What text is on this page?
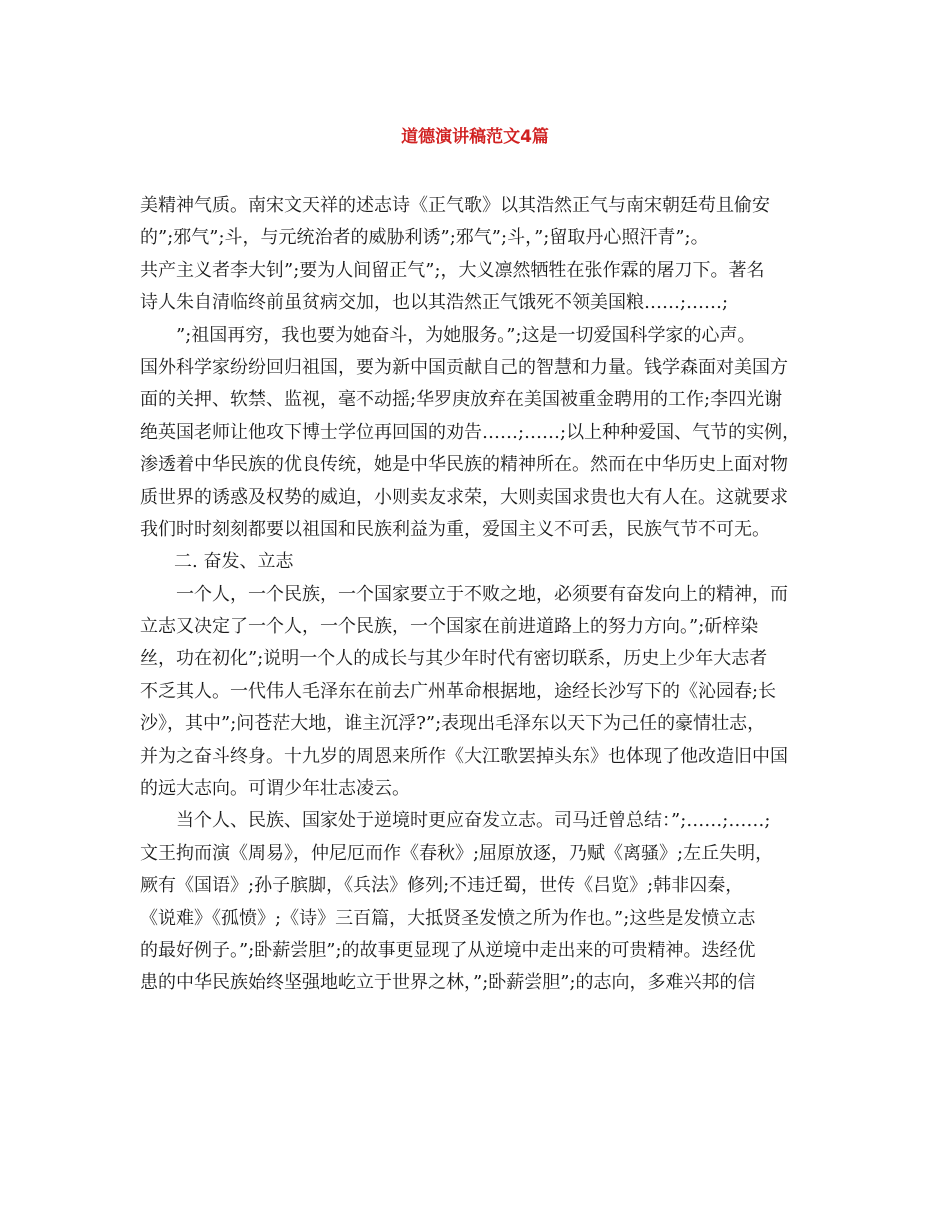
道德演讲稿范文4篇
美精神气质。南宋文天祥的述志诗《正气歌》以其浩然正气与南宋朝廷苟且偷安
的”;邪气”;斗，与元统治者的威胁利诱”;邪气”;斗，”;留取丹心照汗青”;。
共产主义者李大钊”;要为人间留正气”;，大义凛然牺牲在张作霖的屠刀下。著名
诗人朱自清临终前虽贫病交加，也以其浩然正气饿死不领美国粮……;……;
”;祖国再穷，我也要为她奋斗，为她服务。”;这是一切爱国科学家的心声。
国外科学家纷纷回归祖国，要为新中国贡献自己的智慧和力量。钱学森面对美国方
面的关押、软禁、监视，毫不动摇;华罗庚放弃在美国被重金聘用的工作;李四光谢
绝英国老师让他攻下博士学位再回国的劝告……;……;以上种种爱国、气节的实例，
渗透着中华民族的优良传统，她是中华民族的精神所在。然而在中华历史上面对物
质世界的诱惑及权势的威迫，小则卖友求荣，大则卖国求贵也大有人在。这就要求
我们时时刻刻都要以祖国和民族利益为重，爱国主义不可丢，民族气节不可无。
二. 奋发、立志
一个人，一个民族，一个国家要立于不败之地，必须要有奋发向上的精神，而
立志又决定了一个人，一个民族，一个国家在前进道路上的努力方向。”;斫梓染
丝，功在初化”;说明一个人的成长与其少年时代有密切联系，历史上少年大志者
不乏其人。一代伟人毛泽东在前去广州革命根据地，途经长沙写下的《沁园春;长
沙》，其中”;问苍茫大地，谁主沉浮?”;表现出毛泽东以天下为己任的豪情壮志，
并为之奋斗终身。十九岁的周恩来所作《大江歌罢掉头东》也体现了他改造旧中国
的远大志向。可谓少年壮志凌云。
当个人、民族、国家处于逆境时更应奋发立志。司马迁曾总结：”;……;……;
文王拘而演《周易》，仲尼厄而作《春秋》;屈原放逐，乃赋《离骚》;左丘失明，
厥有《国语》;孙子膑脚，《兵法》修列;不违迁蜀，世传《吕览》;韩非囚秦，
《说难》《孤愤》;《诗》三百篇，大抵贤圣发愤之所为作也。”;这些是发愤立志
的最好例子。”;卧薪尝胆”;的故事更显现了从逆境中走出来的可贵精神。迭经优
患的中华民族始终坚强地屹立于世界之林，”;卧薪尝胆”;的志向，多难兴邦的信
